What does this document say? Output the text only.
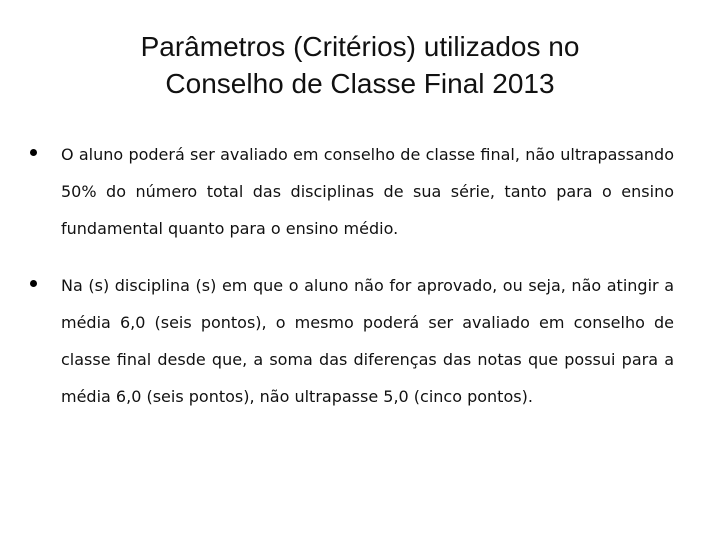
Parâmetros (Critérios) utilizados no
Conselho de Classe Final 2013
O aluno poderá ser avaliado em conselho de classe final, não ultrapassando 50% do número total das disciplinas de sua série, tanto para o ensino fundamental quanto para o ensino médio.
Na (s) disciplina (s) em que o aluno não for aprovado, ou seja, não atingir a média 6,0 (seis pontos), o mesmo poderá ser avaliado em conselho de classe final desde que, a soma das diferenças das notas que possui para a média 6,0 (seis pontos), não ultrapasse 5,0 (cinco pontos).
